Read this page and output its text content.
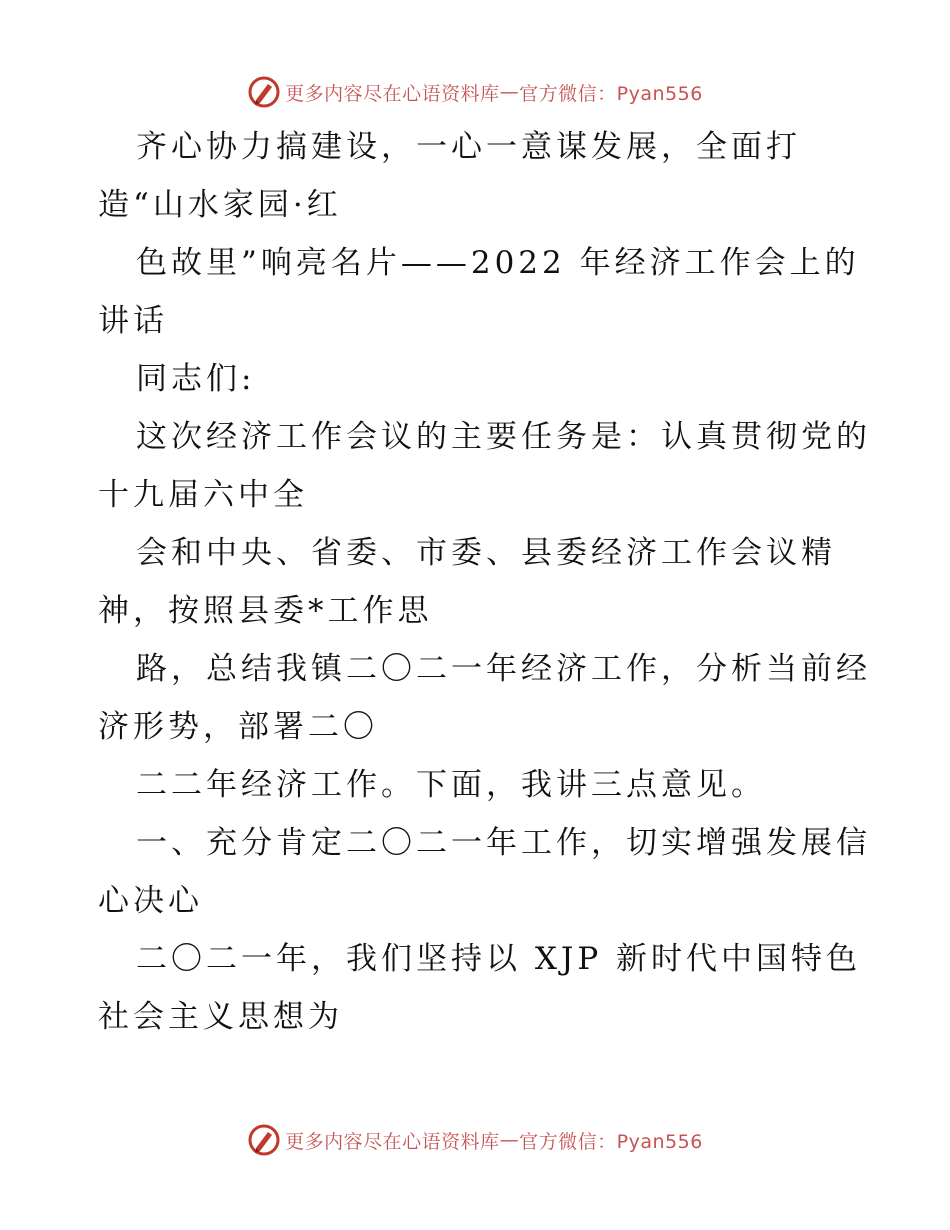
更多内容尽在心语资料库 — 官方微信：Pyan556
齐心协力搞建设，一心一意谋发展，全面打
造“山水家园·红
色故里”响亮名片——2022 年经济工作会上的
讲话
同志们:
这次经济工作会议的主要任务是：认真贯彻党的
十九届六中全
会和中央、省委、市委、县委经济工作会议精
神，按照县委*工作思
路，总结我镇二〇二一年经济工作，分析当前经
济形势，部署二〇
二二年经济工作。下面，我讲三点意见。
一、充分肯定二〇二一年工作，切实增强发展信
心决心
二〇二一年，我们坚持以 XJP 新时代中国特色
社会主义思想为
更多内容尽在心语资料库 — 官方微信：Pyan556
